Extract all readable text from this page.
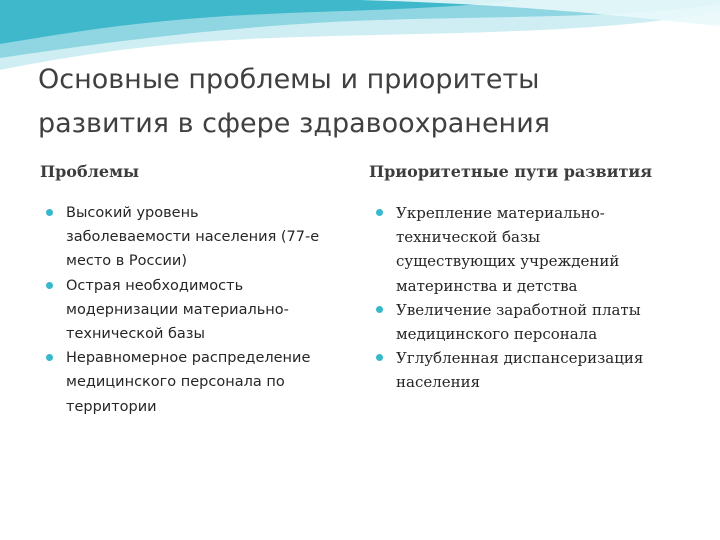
Основные проблемы и приоритеты
развития в сфере здравоохранения
Проблемы	Приоритетные пути развития
Высокий уровень
заболеваемости населения (77-е
место в России)
Острая необходимость
модернизации материально-
технической базы
Неравномерное распределение
медицинского персонала по
территории
Укрепление материально-
технической базы
существующих учреждений
материнства и детства
Увеличение заработной платы
медицинского персонала
Углубленная диспансеризация
населения
